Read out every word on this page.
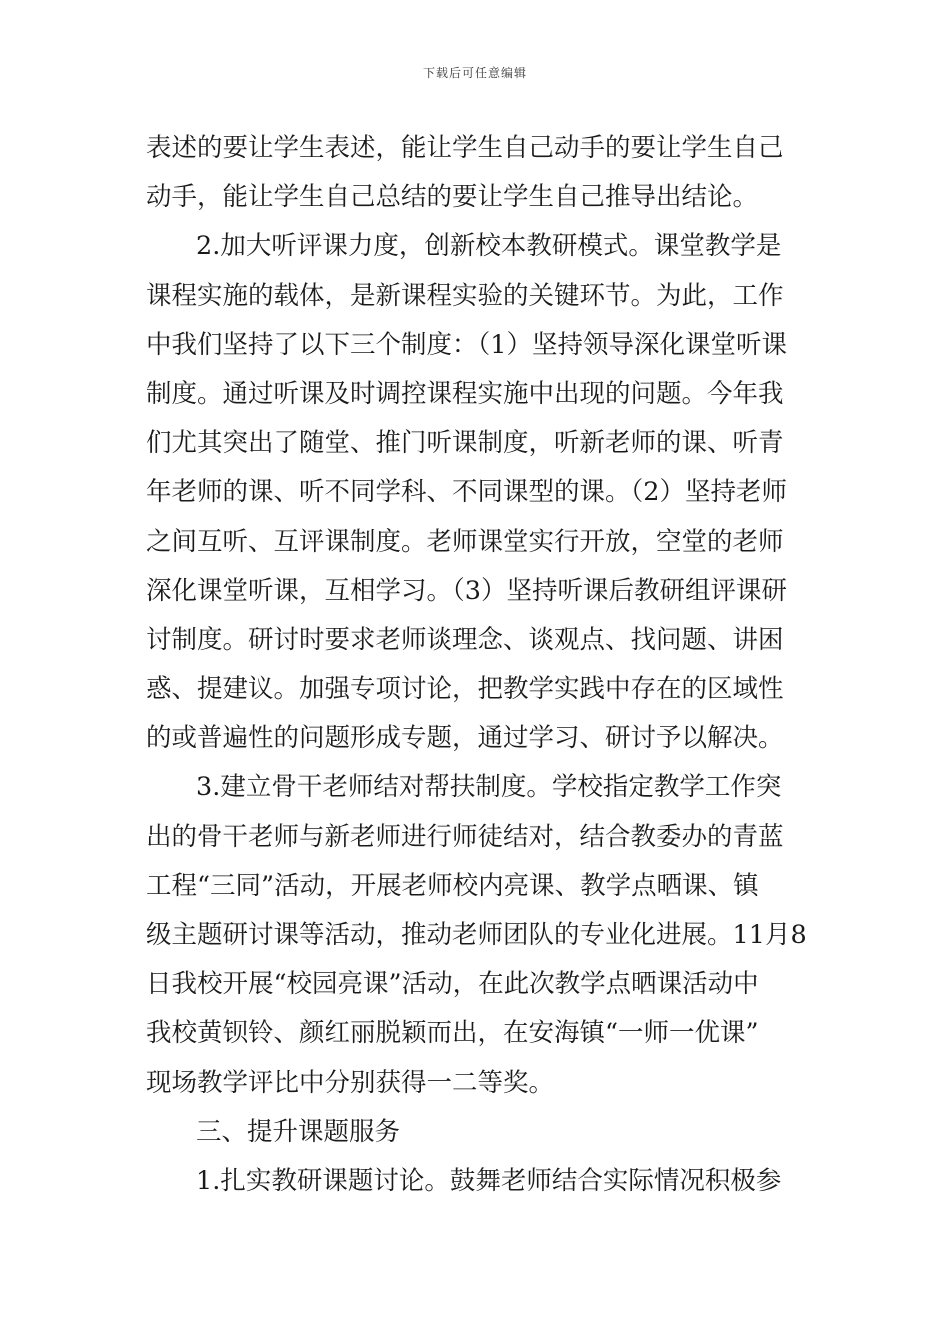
下载后可任意编辑
表述的要让学生表述，能让学生自己动手的要让学生自己
动手，能让学生自己总结的要让学生自己推导出结论。
2.加大听评课力度，创新校本教研模式。课堂教学是
课程实施的载体，是新课程实验的关键环节。为此，工作
中我们坚持了以下三个制度：（1）坚持领导深化课堂听课
制度。通过听课及时调控课程实施中出现的问题。今年我
们尤其突出了随堂、推门听课制度，听新老师的课、听青
年老师的课、听不同学科、不同课型的课。（2）坚持老师
之间互听、互评课制度。老师课堂实行开放，空堂的老师
深化课堂听课，互相学习。（3）坚持听课后教研组评课研
讨制度。研讨时要求老师谈理念、谈观点、找问题、讲困
惑、提建议。加强专项讨论，把教学实践中存在的区域性
的或普遍性的问题形成专题，通过学习、研讨予以解决。
3.建立骨干老师结对帮扶制度。学校指定教学工作突
出的骨干老师与新老师进行师徒结对，结合教委办的青蓝
工程“三同”活动，开展老师校内亮课、教学点晒课、镇
级主题研讨课等活动，推动老师团队的专业化进展。11月8
日我校开展“校园亮课”活动，在此次教学点晒课活动中
我校黄钡铃、颜红丽脱颖而出，在安海镇“一师一优课”
现场教学评比中分别获得一二等奖。
三、提升课题服务
1.扎实教研课题讨论。鼓舞老师结合实际情况积极参
